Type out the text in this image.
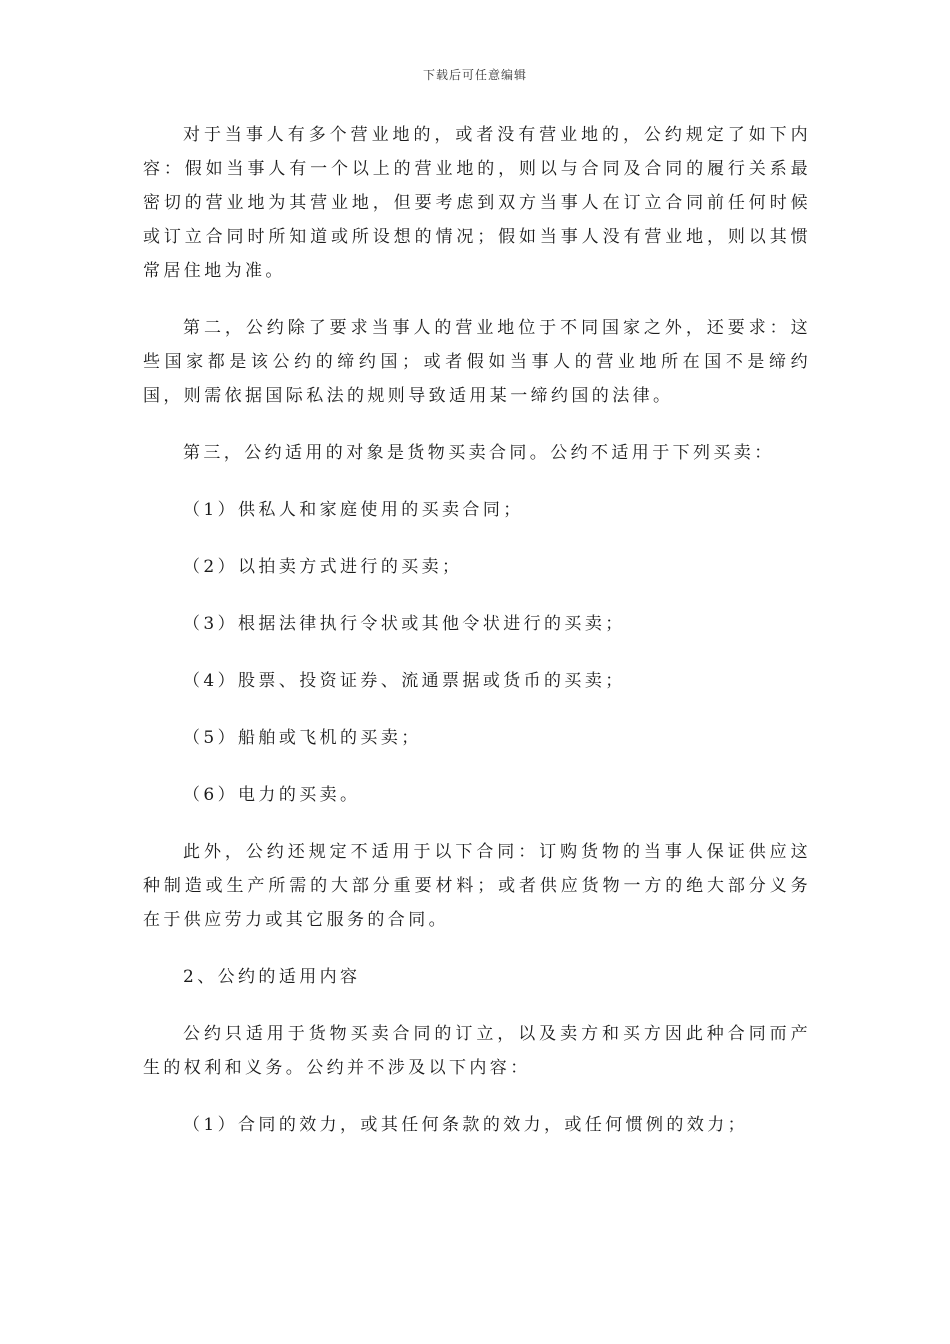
下载后可任意编辑

对于当事人有多个营业地的，或者没有营业地的，公约规定了如下内容：假如当事人有一个以上的营业地的，则以与合同及合同的履行关系最密切的营业地为其营业地，但要考虑到双方当事人在订立合同前任何时候或订立合同时所知道或所设想的情况；假如当事人没有营业地，则以其惯常居住地为准。

第二，公约除了要求当事人的营业地位于不同国家之外，还要求：这些国家都是该公约的缔约国；或者假如当事人的营业地所在国不是缔约国，则需依据国际私法的规则导致适用某一缔约国的法律。

第三，公约适用的对象是货物买卖合同。公约不适用于下列买卖：

（1）供私人和家庭使用的买卖合同；

（2）以拍卖方式进行的买卖；

（3）根据法律执行令状或其他令状进行的买卖；

（4）股票、投资证券、流通票据或货币的买卖；

（5）船舶或飞机的买卖；

（6）电力的买卖。

此外，公约还规定不适用于以下合同：订购货物的当事人保证供应这种制造或生产所需的大部分重要材料；或者供应货物一方的绝大部分义务在于供应劳力或其它服务的合同。

2、公约的适用内容

公约只适用于货物买卖合同的订立，以及卖方和买方因此种合同而产生的权利和义务。公约并不涉及以下内容：

（1）合同的效力，或其任何条款的效力，或任何惯例的效力；
